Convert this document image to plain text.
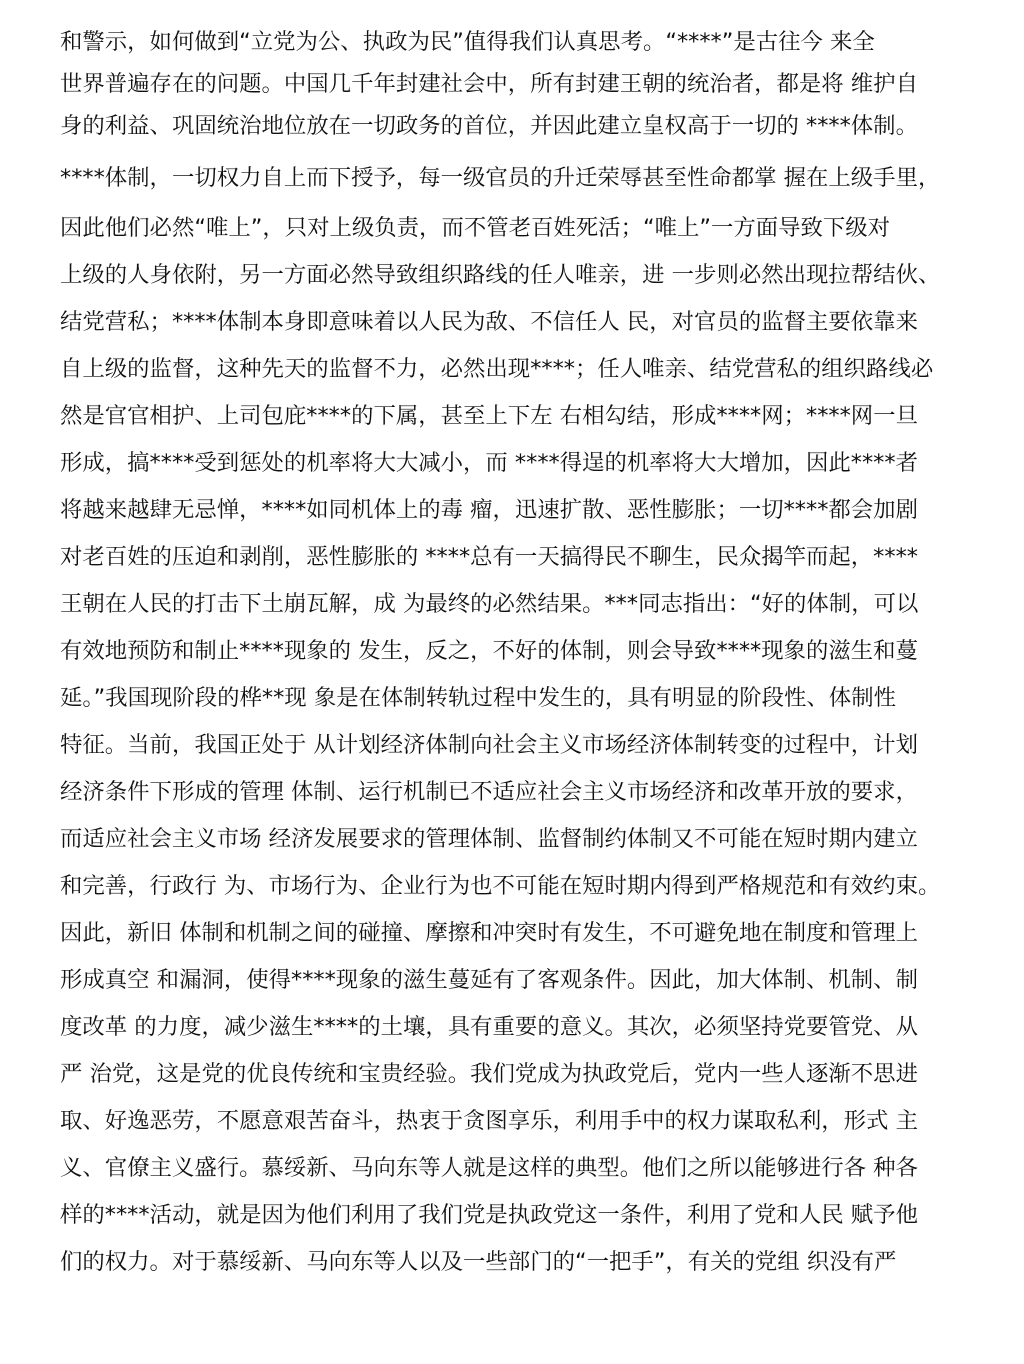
和警示，如何做到“立党为公、执政为民”值得我们认真思考。“****”是古往今 来全
世界普遍存在的问题。中国几千年封建社会中，所有封建王朝的统治者，都是将 维护自
身的利益、巩固统治地位放在一切政务的首位，并因此建立皇权高于一切的 ****体制。
****体制，一切权力自上而下授予，每一级官员的升迁荣辱甚至性命都掌 握在上级手里，
因此他们必然“唯上”，只对上级负责，而不管老百姓死活；“唯上”一方面导致下级对
上级的人身依附，另一方面必然导致组织路线的任人唯亲，进 一步则必然出现拉帮结伙、
结党营私；****体制本身即意味着以人民为敌、不信任人 民，对官员的监督主要依靠来
自上级的监督，这种先天的监督不力，必然出现****；任人唯亲、结党营私的组织路线必
然是官官相护、上司包庇****的下属，甚至上下左 右相勾结，形成****网；****网一旦
形成，搞****受到惩处的机率将大大减小，而 ****得逞的机率将大大增加，因此****者
将越来越肆无忌惮，****如同机体上的毒 瘤，迅速扩散、恶性膨胀；一切****都会加剧
对老百姓的压迫和剥削，恶性膨胀的 ****总有一天搞得民不聊生，民众揭竿而起，****
王朝在人民的打击下土崩瓦解，成 为最终的必然结果。***同志指出：“好的体制，可以
有效地预防和制止****现象的 发生，反之，不好的体制，则会导致****现象的滋生和蔓
延。”我国现阶段的桦**现 象是在体制转轨过程中发生的，具有明显的阶段性、体制性
特征。当前，我国正处于 从计划经济体制向社会主义市场经济体制转变的过程中，计划
经济条件下形成的管理 体制、运行机制已不适应社会主义市场经济和改革开放的要求，
而适应社会主义市场 经济发展要求的管理体制、监督制约体制又不可能在短时期内建立
和完善，行政行 为、市场行为、企业行为也不可能在短时期内得到严格规范和有效约束。
因此，新旧 体制和机制之间的碰撞、摩擦和冲突时有发生，不可避免地在制度和管理上
形成真空 和漏洞，使得****现象的滋生蔓延有了客观条件。因此，加大体制、机制、制
度改革 的力度，减少滋生****的土壤，具有重要的意义。其次，必须坚持党要管党、从
严 治党，这是党的优良传统和宝贵经验。我们党成为执政党后，党内一些人逐渐不思进
取、好逸恶劳，不愿意艰苦奋斗，热衷于贪图享乐，利用手中的权力谋取私利，形式 主
义、官僚主义盛行。慕绥新、马向东等人就是这样的典型。他们之所以能够进行各 种各
样的****活动，就是因为他们利用了我们党是执政党这一条件，利用了党和人民 赋予他
们的权力。对于慕绥新、马向东等人以及一些部门的“一把手”，有关的党组 织没有严
